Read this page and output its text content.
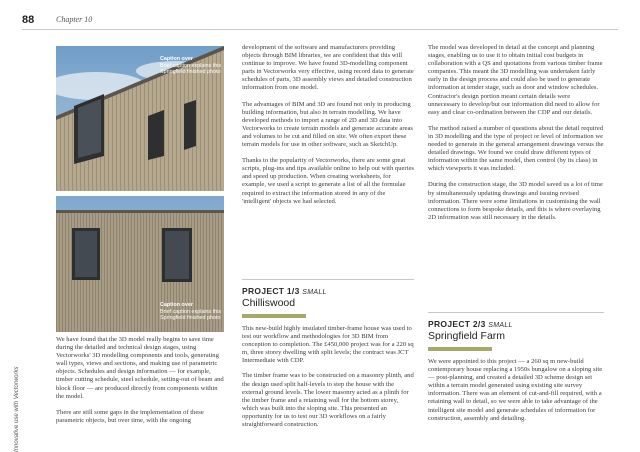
88	Chapter 10
Innovative use with Vectorworks
Caption over
Brief caption explains this Springfield finished photo
Caption over
Brief caption explains this Springfield finished photo

We have found that the 3D model really begins to save time during the detailed and technical design stages, using Vectorworks' 3D modelling components and tools, generating wall types, views and sections, and making use of parametric objects. Schedules and design information — for example, timber cutting schedule, steel schedule, setting-out of beam and block floor — are produced directly from components within the model.

There are still some gaps in the implementation of these parametric objects, but over time, with the ongoing

development of the software and manufacturers providing objects through BIM libraries, we are confident that this will continue to improve. We have found 3D-modelling component parts in Vectorworks very effective, using record data to generate schedules of parts, 3D assembly views and detailed construction information from one model.

The advantages of BIM and 3D are found not only in producing building information, but also in terrain modelling. We have developed methods to import a range of 2D and 3D data into Vectorworks to create terrain models and generate accurate areas and volumes to be cut and filled on site. We often export these terrain models for use in other software, such as SketchUp.

Thanks to the popularity of Vectorworks, there are some great scripts, plug-ins and tips available online to help out with queries and speed up production. When creating worksheets, for example, we used a script to generate a list of all the formulae required to extract the information stored in any of the 'intelligent' objects we had selected.

PROJECT 1/3 SMALL
Chilliswood

This new-build highly insulated timber-frame house was used to test our workflow and methodologies for 3D BIM from conception to completion. The £450,000 project was for a 220 sq m, three storey dwelling with split levels; the contract was JCT Intermediate with CDP.

The timber frame was to be constructed on a masonry plinth, and the design used split half-levels to step the house with the external ground levels. The lower masonry acted as a plinth for the timber frame and a retaining wall for the bottom storey, which was built into the sloping site. This presented an opportunity for us to test our 3D workflows on a fairly straightforward construction.

The model was developed in detail at the concept and planning stages, enabling us to use it to obtain initial cost budgets in collaboration with a QS and quotations from various timber frame companies. This meant the 3D modelling was undertaken fairly early in the design process and could also be used to generate information at tender stage, such as door and window schedules. Contractor's design portion meant certain details were unnecessary to develop/but our information did need to allow for easy and clear co-ordination between the CDP and our details.

The method raised a number of questions about the detail required in 3D modelling and the type of project or level of information we needed to generate in the general arrangement drawings versus the detailed drawings. We found we could draw different types of information within the same model, then control (by its class) in which viewports it was included.

During the construction stage, the 3D model saved us a lot of time by simultaneously updating drawings and issuing revised information. There were some limitations in customising the wall connections to form bespoke details, and this is where overlaying 2D information was still necessary in the details.

PROJECT 2/3 SMALL
Springfield Farm

We were appointed to this project — a 260 sq m new-build contemporary house replacing a 1950s bungalow on a sloping site — post-planning, and created a detailed 3D scheme design set within a terrain model generated using existing site survey information. There was an element of cut-and-fill required, with a retaining wall to detail, so we were able to take advantage of the intelligent site model and generate schedules of information for construction, assembly and detailing.
